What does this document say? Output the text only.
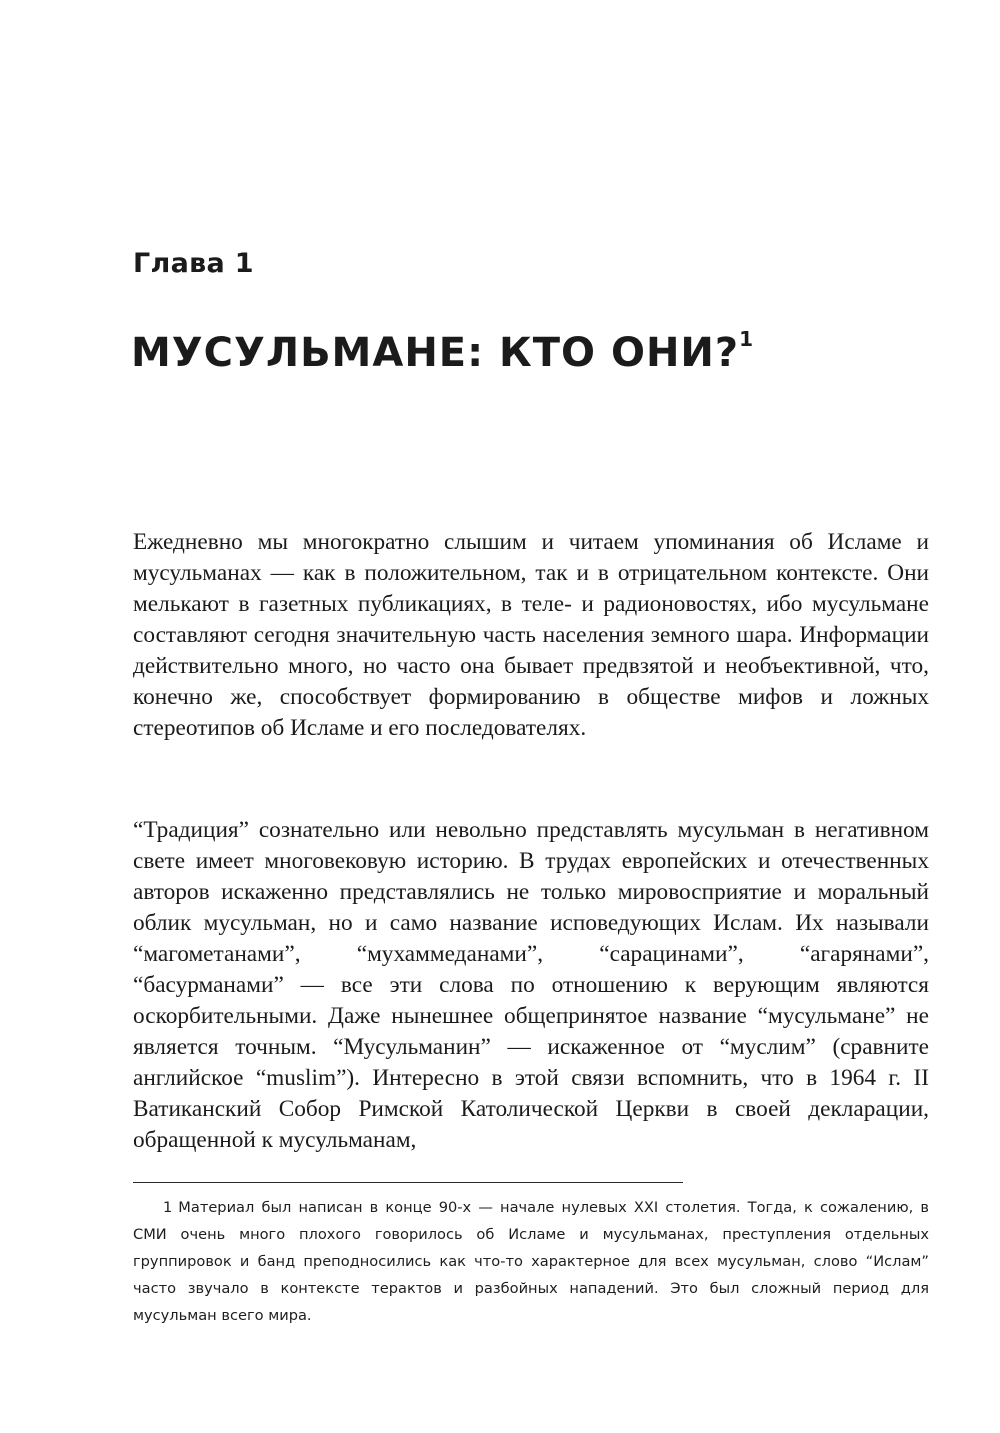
Глава 1
МУСУЛЬМАНЕ: КТО ОНИ?$^1$

Ежедневно мы многократно слышим и читаем упоминания об Исламе и мусульманах — как в положительном, так и в отрицательном контексте. Они мелькают в газетных публикациях, в теле- и радионовостях, ибо мусульмане составляют сегодня значительную часть населения земного шара. Информации действительно много, но часто она бывает предвзятой и необъективной, что, конечно же, способствует формированию в обществе мифов и ложных стереотипов об Исламе и его последователях.

“Традиция” сознательно или невольно представлять мусульман в негативном свете имеет многовековую историю. В трудах европейских и отечественных авторов искаженно представлялись не только мировосприятие и моральный облик мусульман, но и само название исповедующих Ислам. Их называли “магометанами”, “мухаммеданами”, “сарацинами”, “агарянами”, “басурманами” — все эти слова по отношению к верующим являются оскорбительными. Даже нынешнее общепринятое название “мусульмане” не является точным. “Мусульманин” — искаженное от “муслим” (сравните английское “muslim”). Интересно в этой связи вспомнить, что в 1964 г. II Ватиканский Собор Римской Католической Церкви в своей декларации, обращенной к мусульманам,

1 Материал был написан в конце 90-х — начале нулевых XXI столетия. Тогда, к сожалению, в СМИ очень много плохого говорилось об Исламе и мусульманах, преступления отдельных группировок и банд преподносились как что-то характерное для всех мусульман, слово “Ислам” часто звучало в контексте терактов и разбойных нападений. Это был сложный период для мусульман всего мира.
